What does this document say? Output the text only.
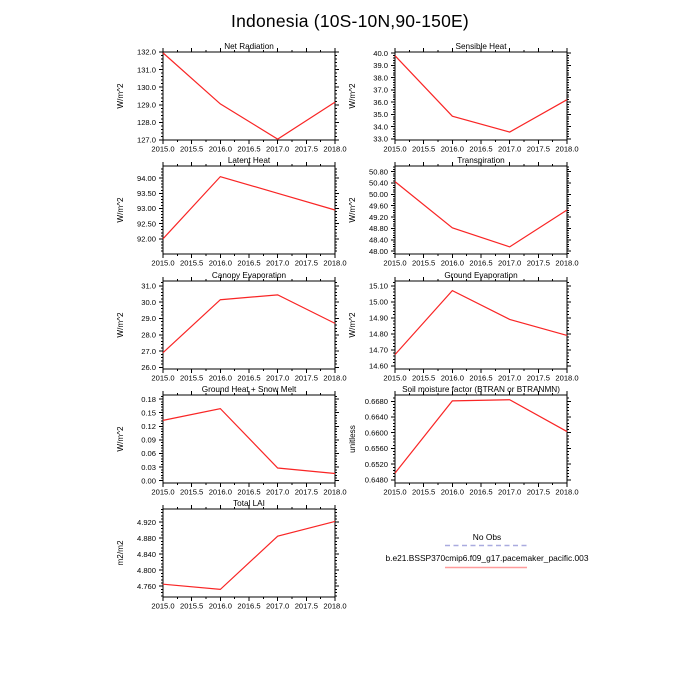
Indonesia (10S-10N,90-150E)
Net Radiation
2015.0 2015.5 2016.0 2016.5 2017.0 2017.5 2018.0
127.0
128.0
129.0
130.0
131.0
132.0
W/m^2
Sensible Heat
2015.0 2015.5 2016.0 2016.5 2017.0 2017.5 2018.0
33.0
34.0
35.0
36.0
37.0
38.0
39.0
40.0
W/m^2
Latent Heat
2015.0 2015.5 2016.0 2016.5 2017.0 2017.5 2018.0
92.00
92.50
93.00
93.50
94.00
W/m^2
Transpiration
2015.0 2015.5 2016.0 2016.5 2017.0 2017.5 2018.0
48.00
48.40
48.80
49.20
49.60
50.00
50.40
50.80
W/m^2
Canopy Evaporation
2015.0 2015.5 2016.0 2016.5 2017.0 2017.5 2018.0
26.0
27.0
28.0
29.0
30.0
31.0
W/m^2
Ground Evaporation
2015.0 2015.5 2016.0 2016.5 2017.0 2017.5 2018.0
14.60
14.70
14.80
14.90
15.00
15.10
W/m^2
Ground Heat + Snow Melt
2015.0 2015.5 2016.0 2016.5 2017.0 2017.5 2018.0
0.00
0.03
0.06
0.09
0.12
0.15
0.18
W/m^2
Soil moisture factor (BTRAN or BTRANMN)
2015.0 2015.5 2016.0 2016.5 2017.0 2017.5 2018.0
0.6480
0.6520
0.6560
0.6600
0.6640
0.6680
unitless
Total LAI
2015.0 2015.5 2016.0 2016.5 2017.0 2017.5 2018.0
4.760
4.800
4.840
4.880
4.920
m2/m2
No Obs
b.e21.BSSP370cmip6.f09_g17.pacemaker_pacific.003
